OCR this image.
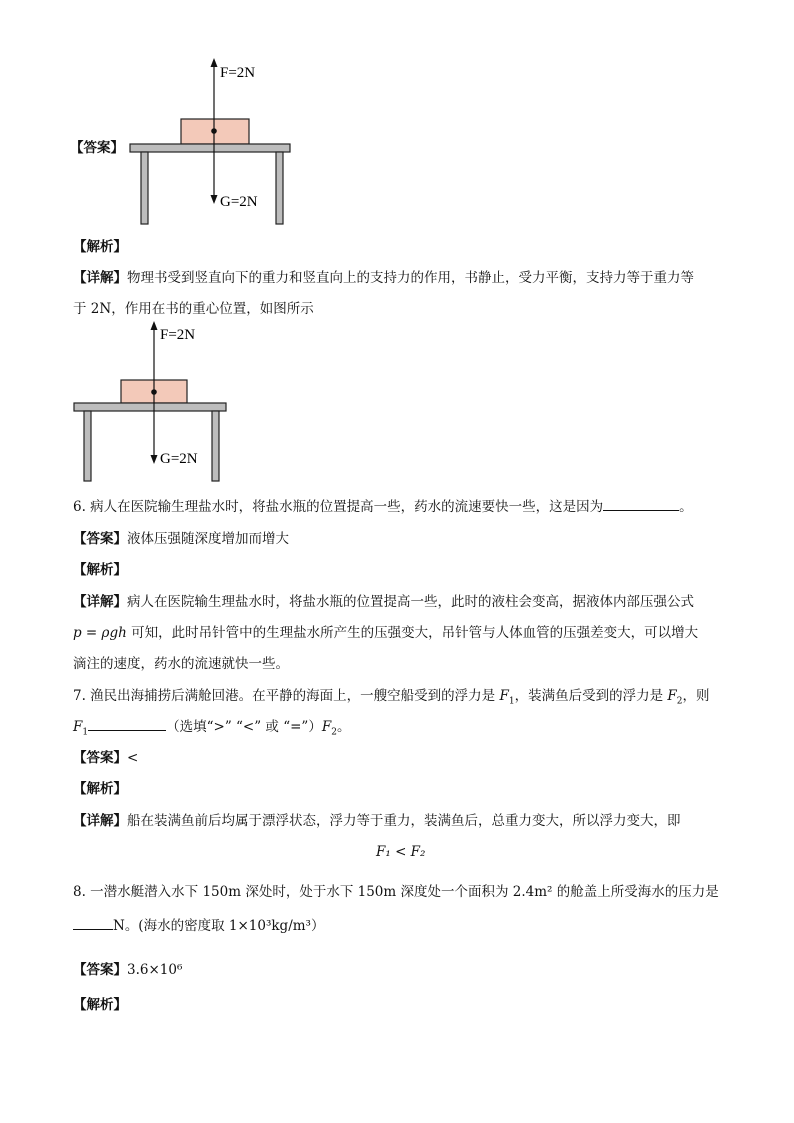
【答案】
F=2N
G=2N
【解析】
【详解】物理书受到竖直向下的重力和竖直向上的支持力的作用，书静止，受力平衡，支持力等于重力等
于 2N，作用在书的重心位置，如图所示
F=2N
G=2N
6. 病人在医院输生理盐水时，将盐水瓶的位置提高一些，药水的流速要快一些，这是因为	。
【答案】液体压强随深度增加而增大
【解析】
【详解】病人在医院输生理盐水时，将盐水瓶的位置提高一些，此时的液柱会变高，据液体内部压强公式
p = ρgh 可知，此时吊针管中的生理盐水所产生的压强变大，吊针管与人体血管的压强差变大，可以增大
滴注的速度，药水的流速就快一些。
7. 渔民出海捕捞后满舱回港。在平静的海面上，一艘空船受到的浮力是 $F_1$，装满鱼后受到的浮力是 $F_2$，则
$F_1$	（选填“>” “<” 或 “$=”)F_2$。
【答案】<
【解析】
【详解】船在装满鱼前后均属于漂浮状态，浮力等于重力，装满鱼后，总重力变大，所以浮力变大，即
F₁ < F₂
8. 一潜水艇潜入水下 150m 深处时，处于水下 150m 深度处一个面积为 2.4m² 的舱盖上所受海水的压力是
N。(海水的密度取 1×10³kg/m³）
【答案】3.6×10⁶
【解析】
